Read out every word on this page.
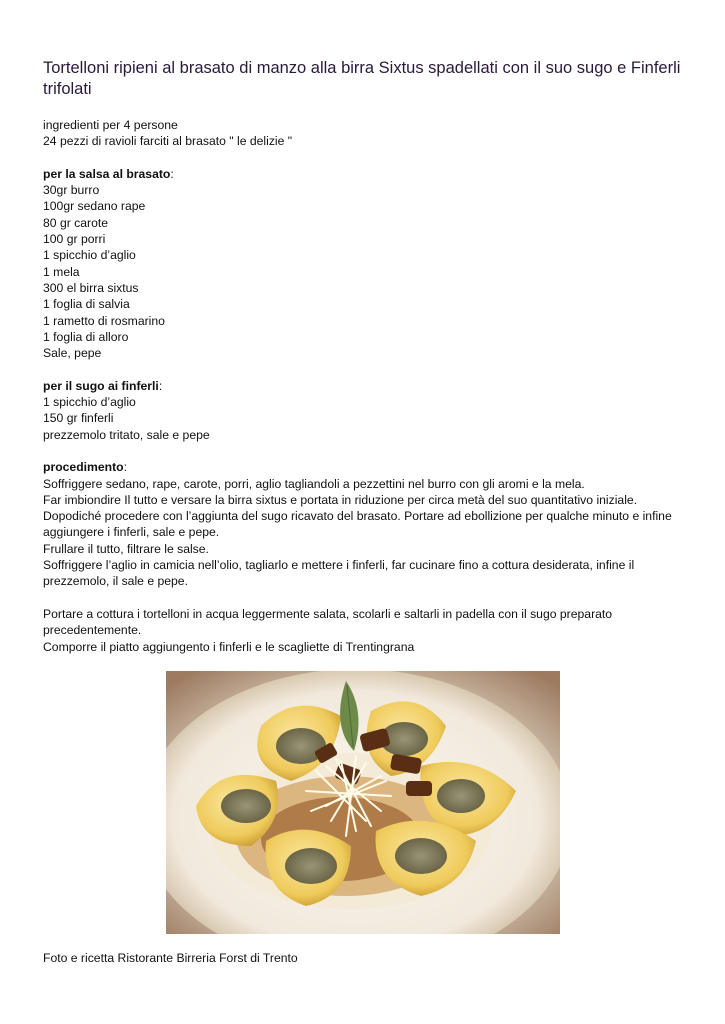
Tortelloni ripieni al brasato di manzo alla birra Sixtus spadellati con il suo sugo e Finferli trifolati
ingredienti per 4 persone
24 pezzi di ravioli farciti al brasato " le delizie "
per la salsa al brasato:
30gr burro
100gr sedano rape
80 gr carote
100 gr porri
1 spicchio d’aglio
1 mela
300 el birra sixtus
1 foglia di salvia
1 rametto di rosmarino
1 foglia di alloro
Sale, pepe
per il sugo ai finferli:
1 spicchio d’aglio
150 gr finferli
prezzemolo tritato, sale e pepe
procedimento:
Soffriggere sedano, rape, carote, porri, aglio tagliandoli a pezzettini nel burro con gli aromi e la mela.
Far imbiondire Il tutto e versare la birra sixtus e portata in riduzione per circa metà del suo quantitativo iniziale.
Dopodiché procedere con l’aggiunta del sugo ricavato del brasato. Portare ad ebollizione per qualche minuto e infine
aggiungere i finferli, sale e pepe.
Frullare il tutto, filtrare le salse.
Soffriggere l’aglio in camicia nell’olio, tagliarlo e mettere i finferli, far cucinare fino a cottura desiderata, infine il
prezzemolo, il sale e pepe.
Portare a cottura i tortelloni in acqua leggermente salata, scolarli e saltarli in padella con il sugo preparato
precedentemente.
Comporre il piatto aggiungento i finferli e le scagliette di Trentingrana
Foto e ricetta Ristorante Birreria Forst di Trento
